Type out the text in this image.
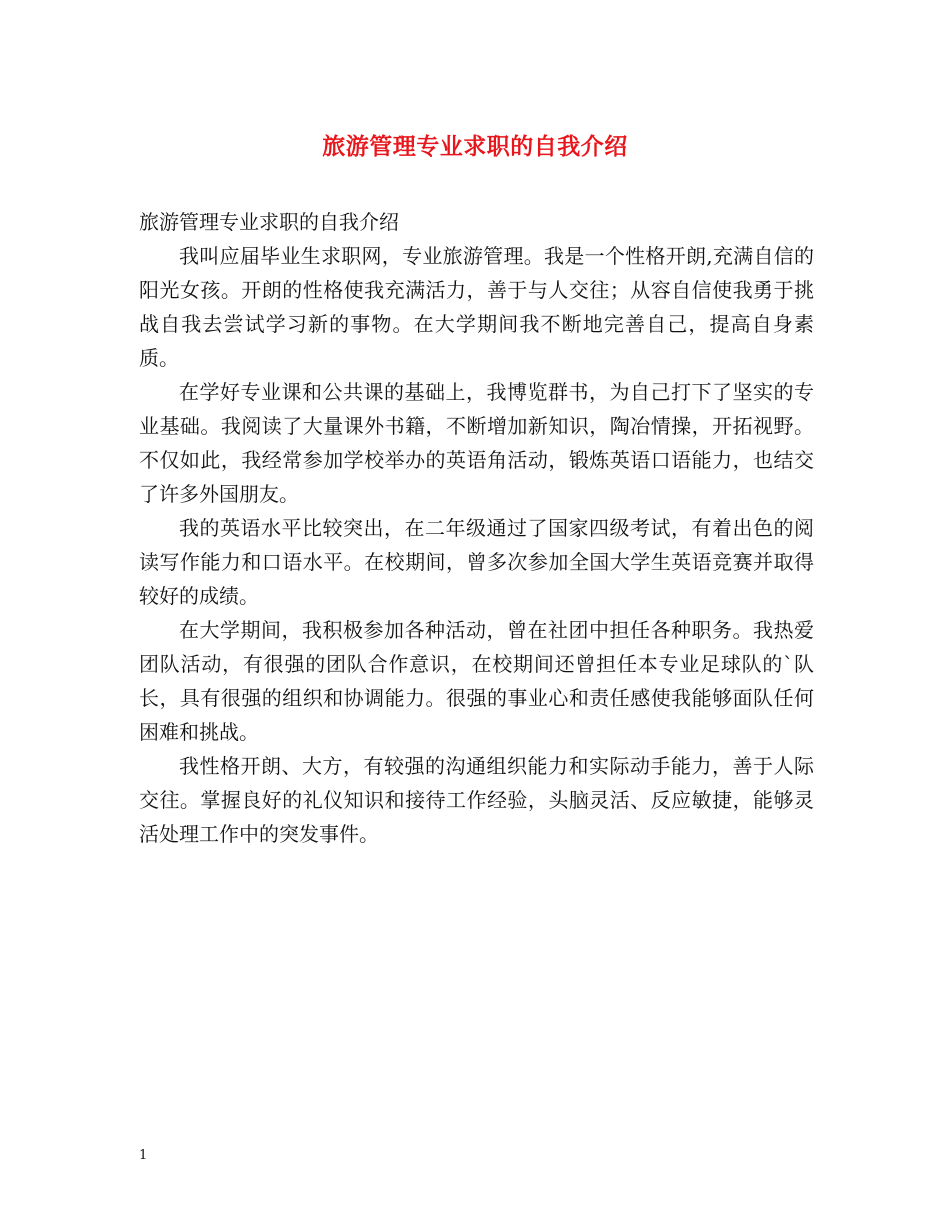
旅游管理专业求职的自我介绍

旅游管理专业求职的自我介绍

我叫应届毕业生求职网，专业旅游管理。我是一个性格开朗,充满自信的阳光女孩。开朗的性格使我充满活力，善于与人交往；从容自信使我勇于挑战自我去尝试学习新的事物。在大学期间我不断地完善自己，提高自身素质。

在学好专业课和公共课的基础上，我博览群书，为自己打下了坚实的专业基础。我阅读了大量课外书籍，不断增加新知识，陶冶情操，开拓视野。不仅如此，我经常参加学校举办的英语角活动，锻炼英语口语能力，也结交了许多外国朋友。

我的英语水平比较突出，在二年级通过了国家四级考试，有着出色的阅读写作能力和口语水平。在校期间，曾多次参加全国大学生英语竞赛并取得较好的成绩。

在大学期间，我积极参加各种活动，曾在社团中担任各种职务。我热爱团队活动，有很强的团队合作意识，在校期间还曾担任本专业足球队的`队长，具有很强的组织和协调能力。很强的事业心和责任感使我能够面队任何困难和挑战。

我性格开朗、大方，有较强的沟通组织能力和实际动手能力，善于人际交往。掌握良好的礼仪知识和接待工作经验，头脑灵活、反应敏捷，能够灵活处理工作中的突发事件。

1
